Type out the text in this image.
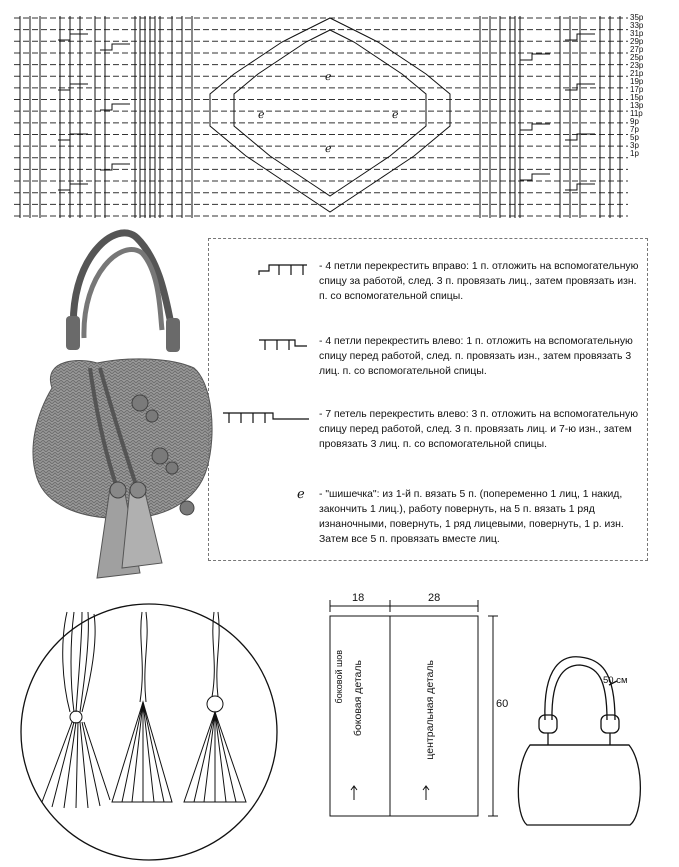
ℯ
ℯ	ℯ
ℯ
35р
33р
31р
29р
27р
25р
23р
21р
19р
17р
15р
13р
11р
9р
7р
5р
3р
1р
- 4 петли перекрестить вправо: 1 п. отложить на вспомогательную спицу за работой, след. 3 п. провязать лиц., затем провязать изн. п. со вспомогательной спицы.
- 4 петли перекрестить влево: 1 п. отложить на вспомогательную спицу перед работой, след. п. провязать изн., затем провязать 3 лиц. п. со вспомогательной спицы.
- 7 петель перекрестить влево: 3 п. отложить на вспомогательную спицу перед работой, след. 3 п. провязать лиц. и 7-ю изн., затем провязать 3 лиц. п. со вспомогательной спицы.
ℯ - "шишечка": из 1-й п. вязать 5 п. (попеременно 1 лиц, 1 накид, закончить 1 лиц.), работу повернуть, на 5 п. вязать 1 ряд изнаночными, повернуть, 1 ряд лицевыми, повернуть, 1 р. изн. Затем все 5 п. провязать вместе лиц.
18	28
60
боковой шов боковая деталь	центральная деталь	50 см
